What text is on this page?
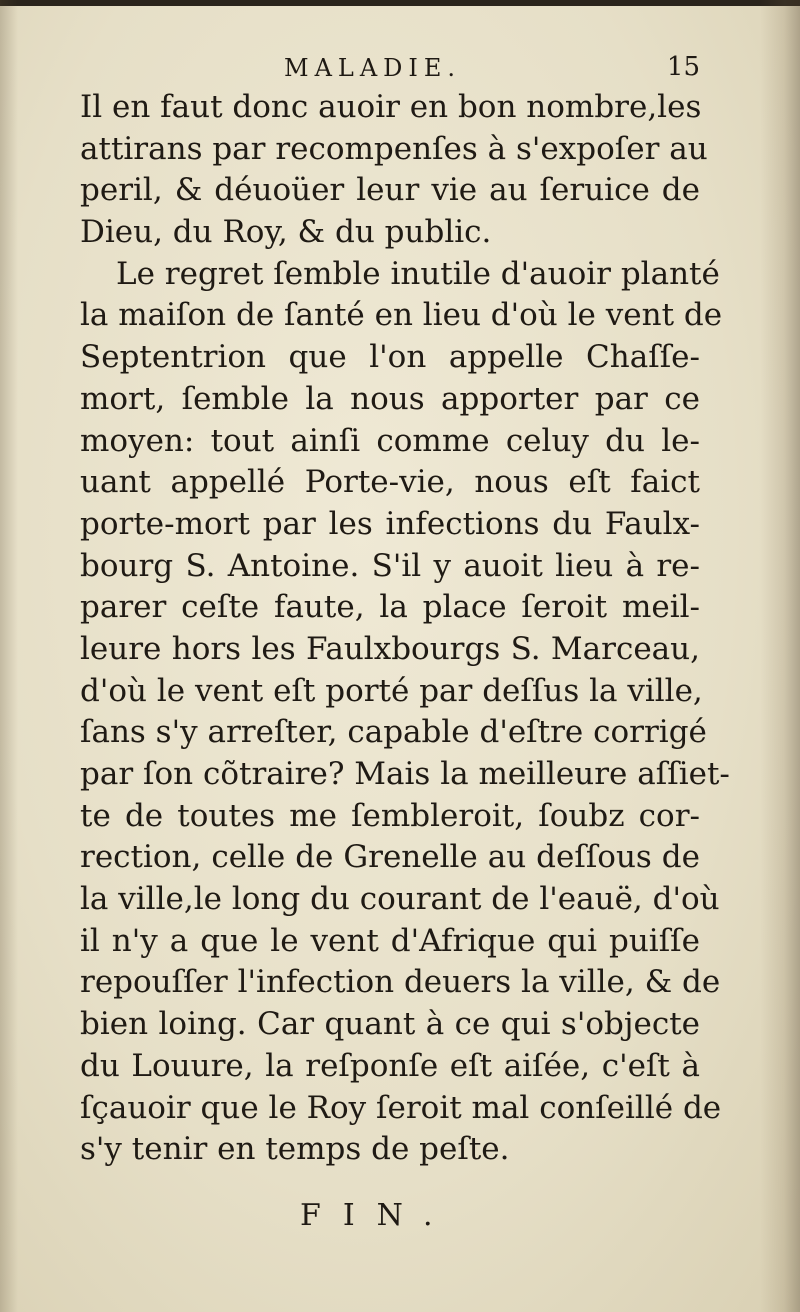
MALADIE.	15
Il en faut donc auoir en bon nombre,les
attirans par recompenſes à s'expoſer au
peril, & déuoüer leur vie au ſeruice de
Dieu, du Roy, & du public.
Le regret ſemble inutile d'auoir planté
la maiſon de ſanté en lieu d'où le vent de
Septentrion que l'on appelle Chaſſe-
mort, ſemble la nous apporter par ce
moyen: tout ainſi comme celuy du le-
uant appellé Porte-vie, nous eſt faict
porte-mort par les infections du Faulx-
bourg S. Antoine. S'il y auoit lieu à re-
parer ceſte faute, la place ſeroit meil-
leure hors les Faulxbourgs S. Marceau,
d'où le vent eſt porté par deſſus la ville,
ſans s'y arreſter, capable d'eſtre corrigé
par ſon cõtraire? Mais la meilleure aſſiet-
te de toutes me ſembleroit, ſoubz cor-
rection, celle de Grenelle au deſſous de
la ville,le long du courant de l'eauë, d'où
il n'y a que le vent d'Afrique qui puiſſe
repouſſer l'infection deuers la ville, & de
bien loing. Car quant à ce qui s'objecte
du Louure, la reſponſe eſt aiſée, c'eſt à
ſçauoir que le Roy ſeroit mal conſeillé de
s'y tenir en temps de peſte.
FIN.
